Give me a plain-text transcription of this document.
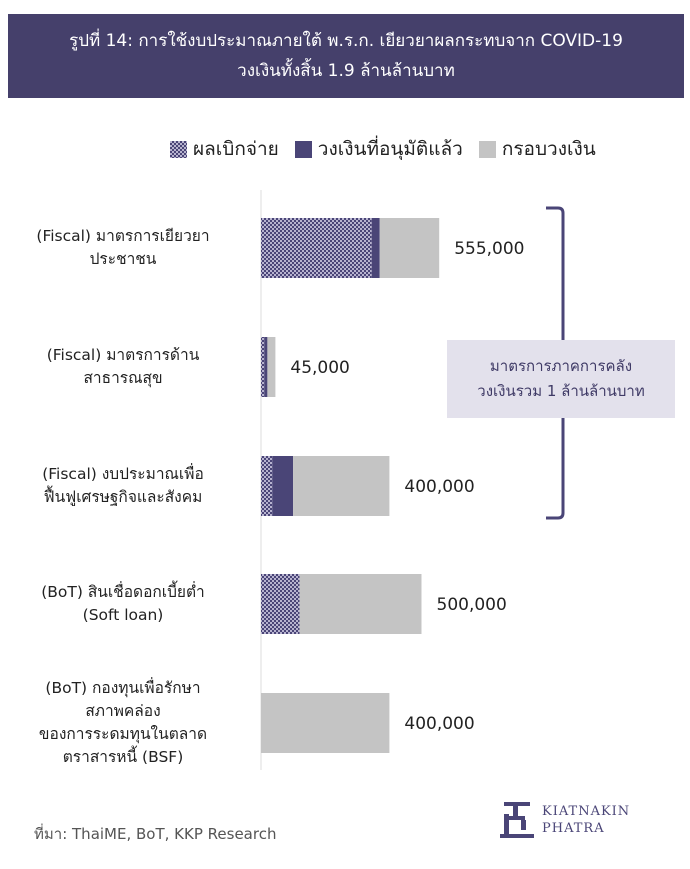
รูปที่ 14: การใช้งบประมาณภายใต้ พ.ร.ก. เยียวยาผลกระทบจาก COVID-19
วงเงินทั้งสิ้น 1.9 ล้านล้านบาท
ผลเบิกจ่าย วงเงินที่อนุมัติแล้ว กรอบวงเงิน
555,000
45,000
400,000
500,000
400,000
(Fiscal) มาตรการเยียวยา
ประชาชน
(Fiscal) มาตรการด้าน
สาธารณสุข
(Fiscal) งบประมาณเพื่อ
ฟื้นฟูเศรษฐกิจและสังคม
(BoT) สินเชื่อดอกเบี้ยต่ำ
(Soft loan)
(BoT) กองทุนเพื่อรักษา
สภาพคล่อง
ของการระดมทุนในตลาด
ตราสารหนี้ (BSF)
มาตรการภาคการคลัง
วงเงินรวม 1 ล้านล้านบาท
ที่มา: ThaiME, BoT, KKP Research
KIATNAKIN
PHATRA
